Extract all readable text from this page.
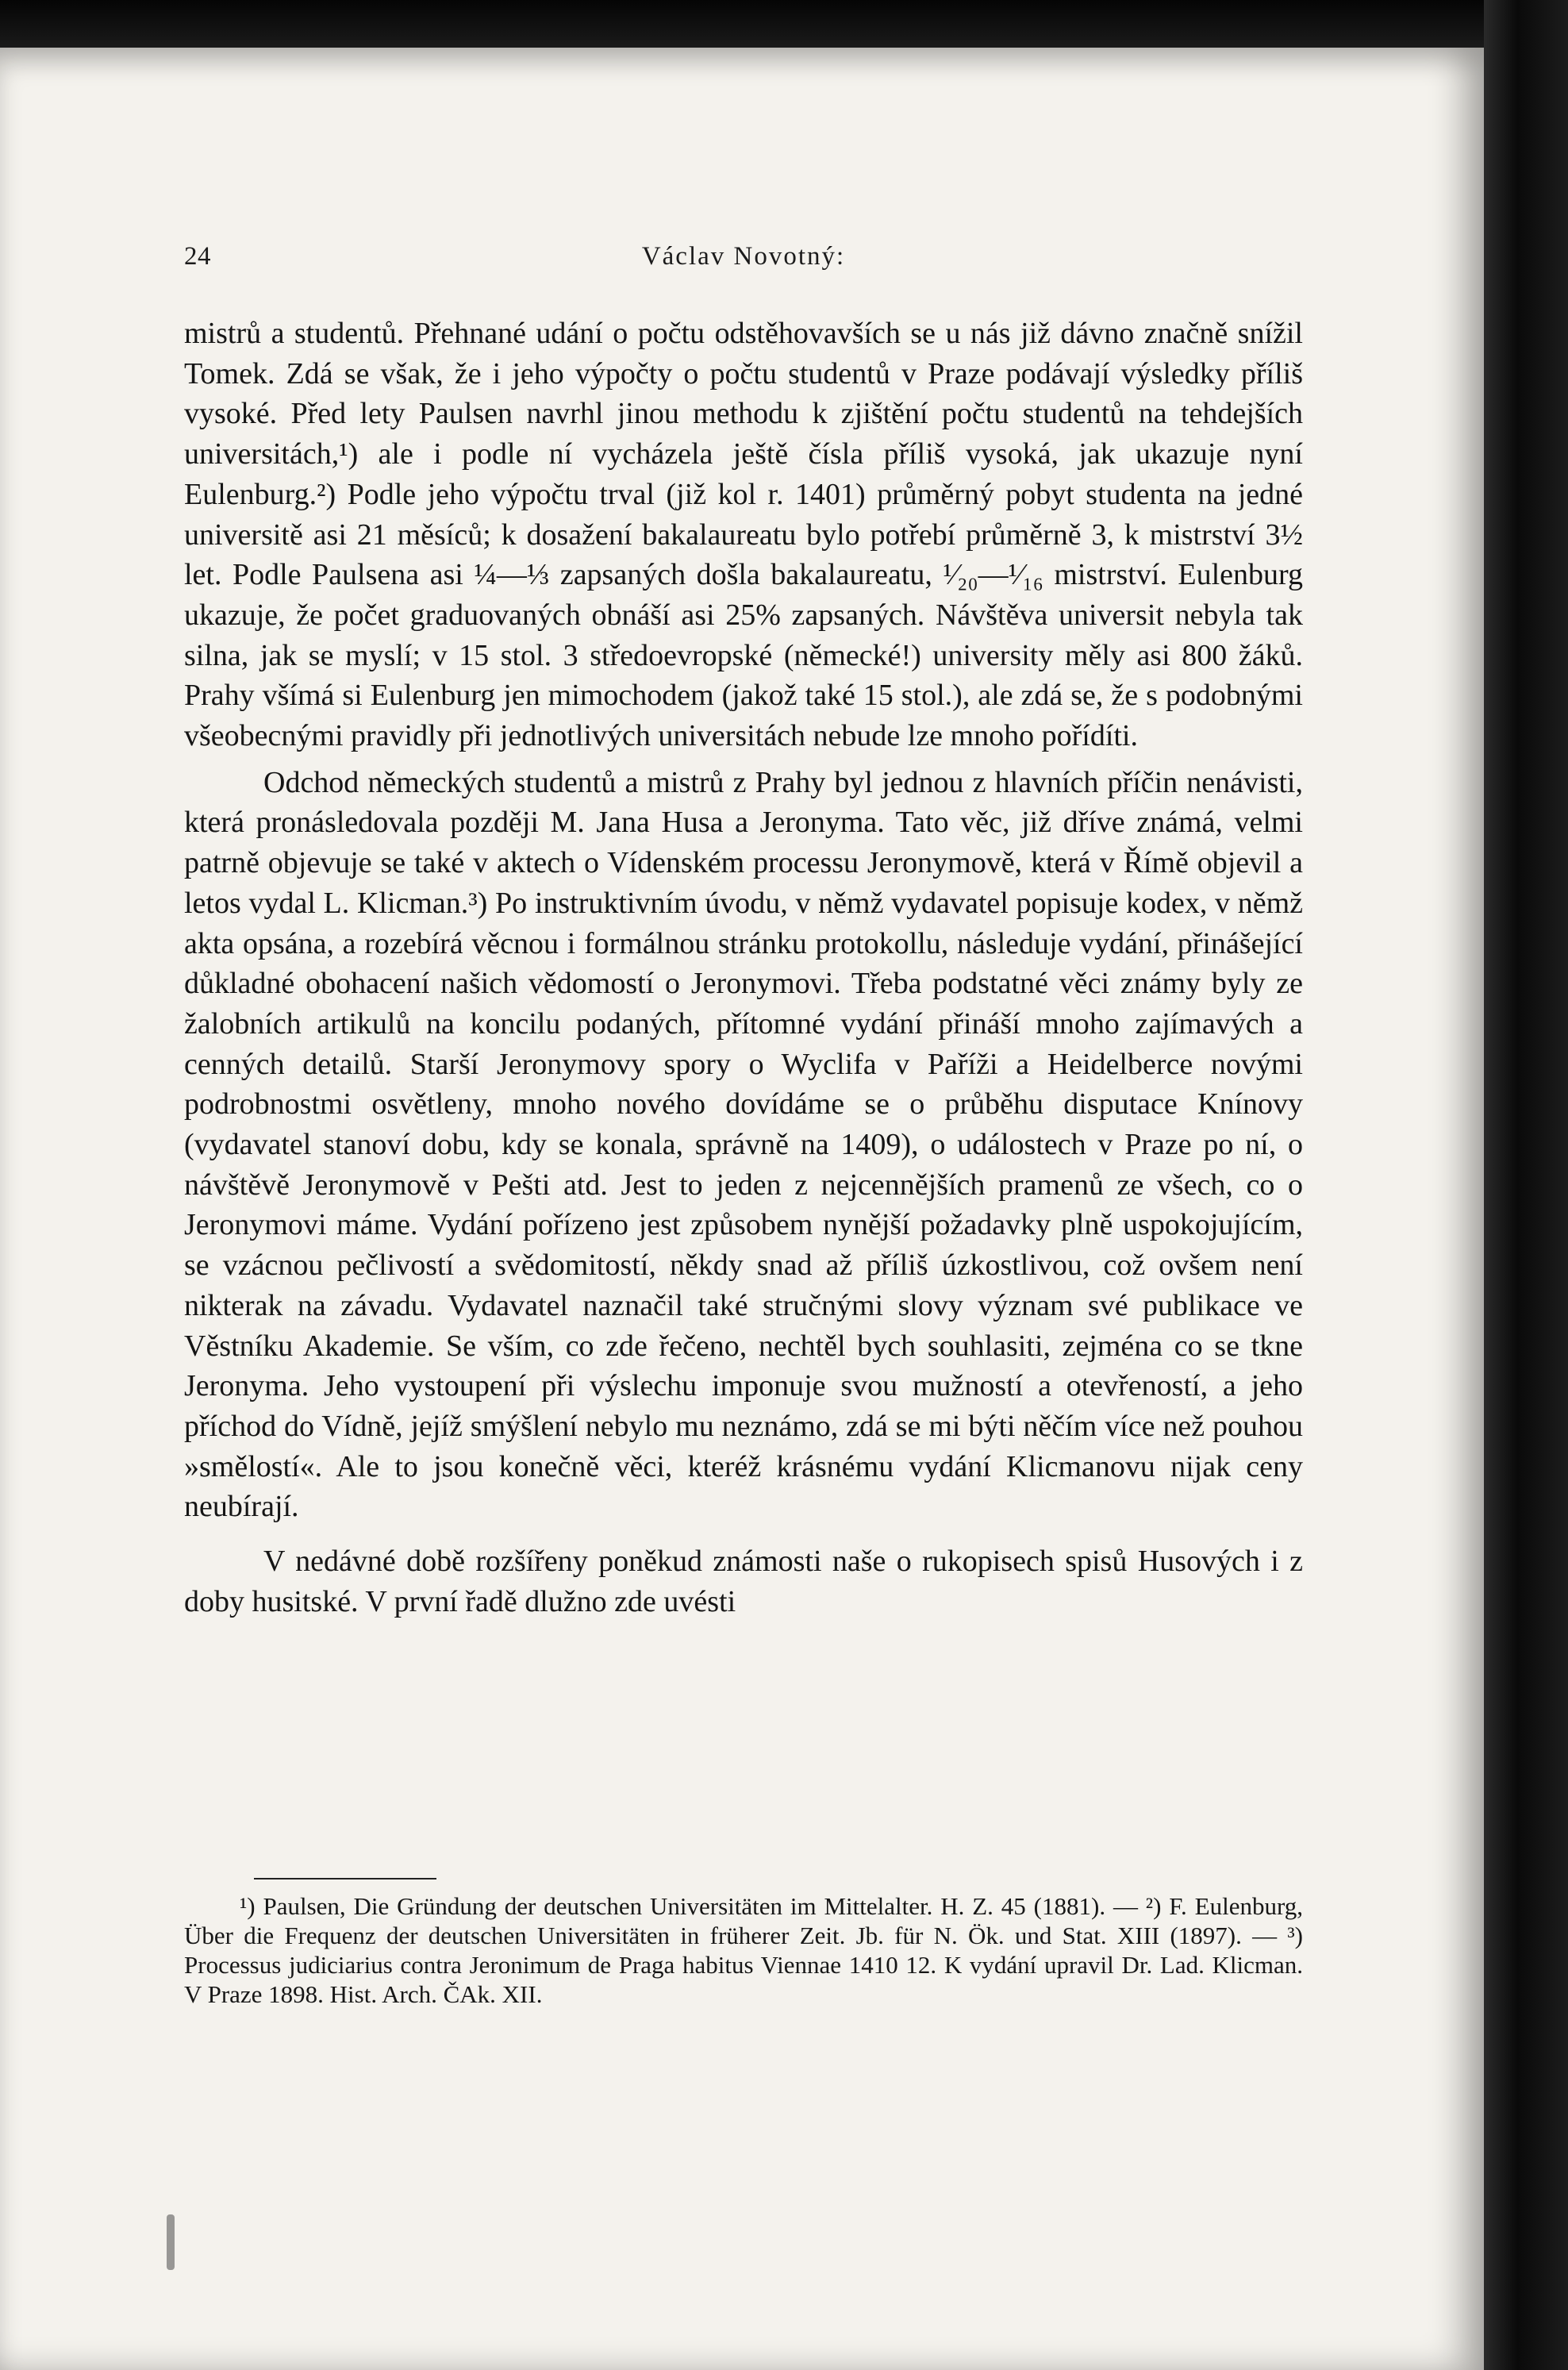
24	Václav Novotný:

mistrů a studentů. Přehnané udání o počtu odstěhovavších se u nás již dávno značně snížil Tomek. Zdá se však, že i jeho výpočty o počtu studentů v Praze podávají výsledky příliš vysoké. Před lety Paulsen navrhl jinou methodu k zjištění počtu studentů na tehdejších universitách,¹) ale i podle ní vycházela ještě čísla příliš vysoká, jak ukazuje nyní Eulenburg.²) Podle jeho výpočtu trval (již kol r. 1401) průměrný pobyt studenta na jedné universitě asi 21 měsíců; k dosažení bakalaureatu bylo potřebí průměrně 3, k mistrství 3½ let. Podle Paulsena asi ¼—⅓ zapsaných došla bakalaureatu, ¹⁄₂₀—¹⁄₁₆ mistrství. Eulenburg ukazuje, že počet graduovaných obnáší asi 25% zapsaných. Návštěva universit nebyla tak silna, jak se myslí; v 15 stol. 3 středoevropské (německé!) university měly asi 800 žáků. Prahy všímá si Eulenburg jen mimochodem (jakož také 15 stol.), ale zdá se, že s podobnými všeobecnými pravidly při jednotlivých universitách nebude lze mnoho pořídíti.

Odchod německých studentů a mistrů z Prahy byl jednou z hlavních příčin nenávisti, která pronásledovala později M. Jana Husa a Jeronyma. Tato věc, již dříve známá, velmi patrně objevuje se také v aktech o Vídenském processu Jeronymově, která v Římě objevil a letos vydal L. Klicman.³) Po instruktivním úvodu, v němž vydavatel popisuje kodex, v němž akta opsána, a rozebírá věcnou i formálnou stránku protokollu, následuje vydání, přinášející důkladné obohacení našich vědomostí o Jeronymovi. Třeba podstatné věci známy byly ze žalobních artikulů na koncilu podaných, přítomné vydání přináší mnoho zajímavých a cenných detailů. Starší Jeronymovy spory o Wyclifa v Paříži a Heidelberce novými podrobnostmi osvětleny, mnoho nového dovídáme se o průběhu disputace Knínovy (vydavatel stanoví dobu, kdy se konala, správně na 1409), o událostech v Praze po ní, o návštěvě Jeronymově v Pešti atd. Jest to jeden z nejcennějších pramenů ze všech, co o Jeronymovi máme. Vydání pořízeno jest způsobem nynější požadavky plně uspokojujícím, se vzácnou pečlivostí a svědomitostí, někdy snad až příliš úzkostlivou, což ovšem není nikterak na závadu. Vydavatel naznačil také stručnými slovy význam své publikace ve Věstníku Akademie. Se vším, co zde řečeno, nechtěl bych souhlasiti, zejména co se tkne Jeronyma. Jeho vystoupení při výslechu imponuje svou mužností a otevřeností, a jeho příchod do Vídně, jejíž smýšlení nebylo mu neznámo, zdá se mi býti něčím více než pouhou »smělostí«. Ale to jsou konečně věci, kteréž krásnému vydání Klicmanovu nijak ceny neubírají.

V nedávné době rozšířeny poněkud známosti naše o rukopisech spisů Husových i z doby husitské. V první řadě dlužno zde uvésti

¹) Paulsen, Die Gründung der deutschen Universitäten im Mittelalter. H. Z. 45 (1881). — ²) F. Eulenburg, Über die Frequenz der deutschen Universitäten in früherer Zeit. Jb. für N. Ök. und Stat. XIII (1897). — ³) Processus judiciarius contra Jeronimum de Praga habitus Viennae 1410 12. K vydání upravil Dr. Lad. Klicman. V Praze 1898. Hist. Arch. ČAk. XII.
